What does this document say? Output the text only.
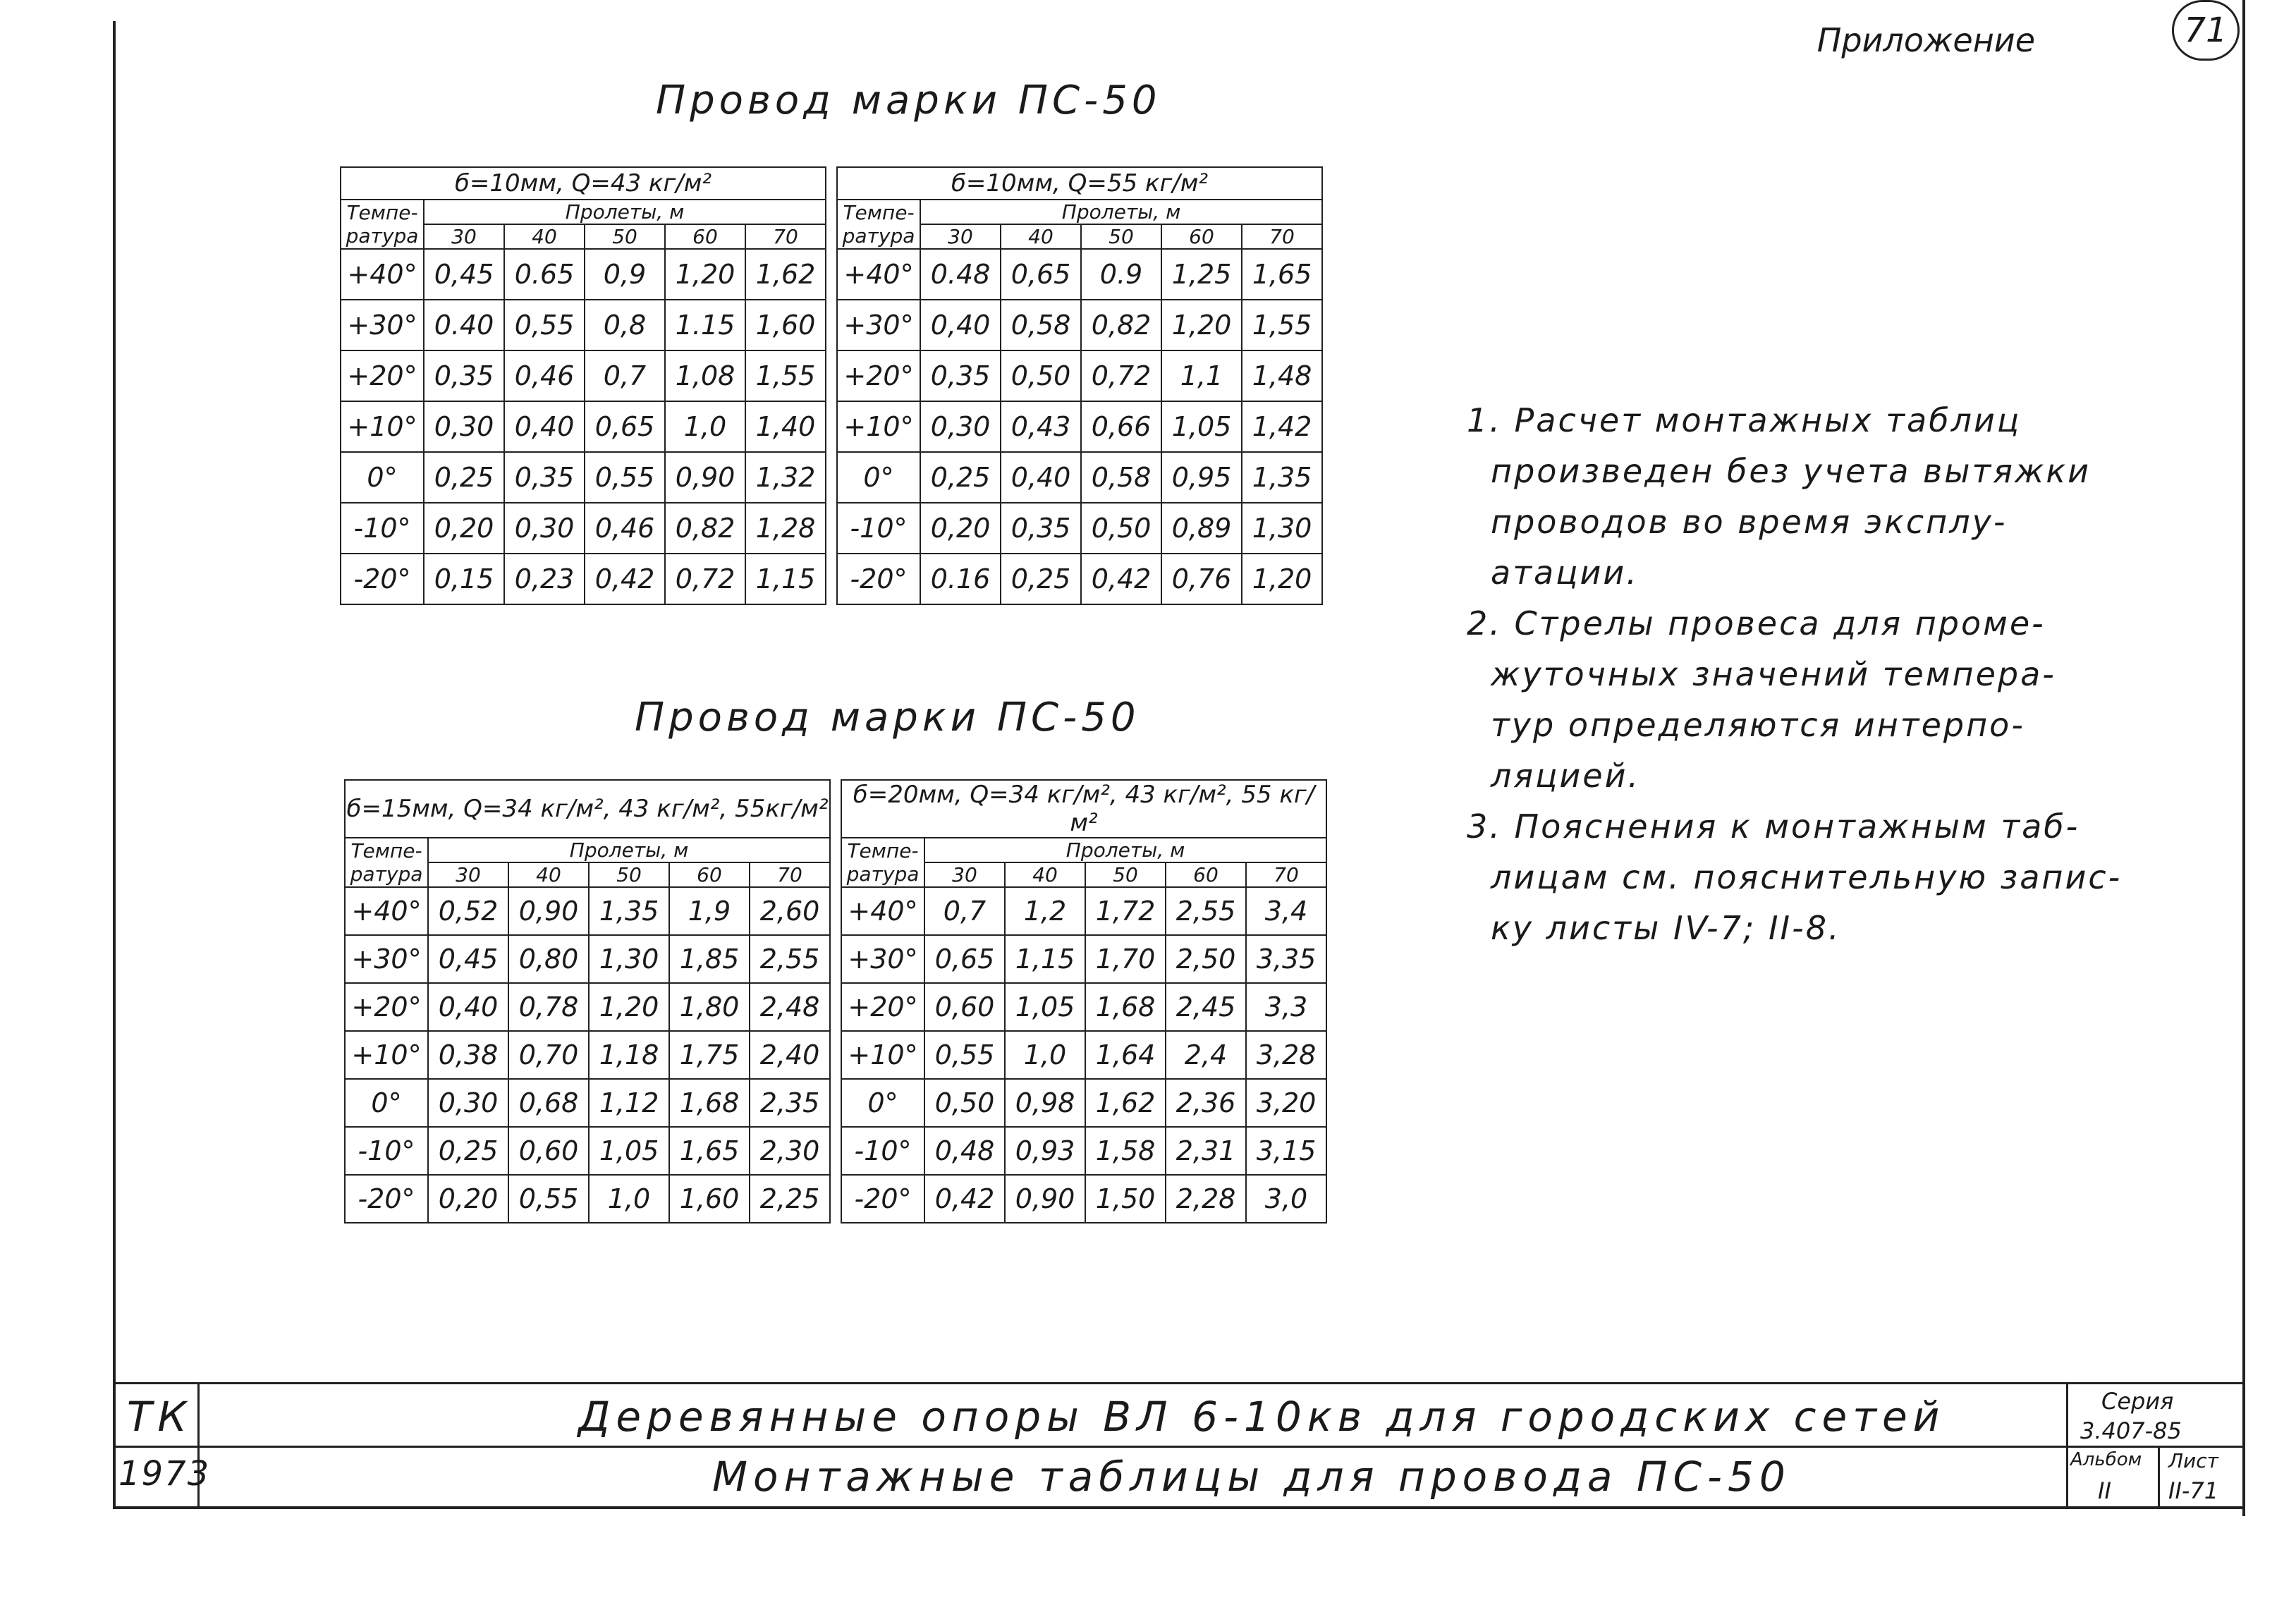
Приложение	71
Провод марки ПС-50
б=10мм, Q=43 кг/м²							б=10мм, Q=55 кг/м²					
Темпе-ратура	Пролеты, м						Темпе-ратура	Пролеты, м				
	30	40	50	60	70			30	40	50	60	70
+40°	0,45	0.65	0,9	1,20	1,62		+40°	0.48	0,65	0.9	1,25	1,65
+30°	0.40	0,55	0,8	1.15	1,60		+30°	0,40	0,58	0,82	1,20	1,55
+20°	0,35	0,46	0,7	1,08	1,55		+20°	0,35	0,50	0,72	1,1	1,48
+10°	0,30	0,40	0,65	1,0	1,40		+10°	0,30	0,43	0,66	1,05	1,42
0°	0,25	0,35	0,55	0,90	1,32		0°	0,25	0,40	0,58	0,95	1,35
-10°	0,20	0,30	0,46	0,82	1,28		-10°	0,20	0,35	0,50	0,89	1,30
-20°	0,15	0,23	0,42	0,72	1,15		-20°	0.16	0,25	0,42	0,76	1,20
Провод марки ПС-50
б=15мм, Q=34 кг/м², 43 кг/м², 55кг/м²							б=20мм, Q=34 кг/м², 43 кг/м², 55 кг/м²					
Темпе-ратура	Пролеты, м						Темпе-ратура	Пролеты, м				
	30	40	50	60	70			30	40	50	60	70
+40°	0,52	0,90	1,35	1,9	2,60		+40°	0,7	1,2	1,72	2,55	3,4
+30°	0,45	0,80	1,30	1,85	2,55		+30°	0,65	1,15	1,70	2,50	3,35
+20°	0,40	0,78	1,20	1,80	2,48		+20°	0,60	1,05	1,68	2,45	3,3
+10°	0,38	0,70	1,18	1,75	2,40		+10°	0,55	1,0	1,64	2,4	3,28
0°	0,30	0,68	1,12	1,68	2,35		0°	0,50	0,98	1,62	2,36	3,20
-10°	0,25	0,60	1,05	1,65	2,30		-10°	0,48	0,93	1,58	2,31	3,15
-20°	0,20	0,55	1,0	1,60	2,25		-20°	0,42	0,90	1,50	2,28	3,0
1. Расчет монтажных таблиц
произведен без учета вытяжки
проводов во время эксплу-
атации.
2. Стрелы провеса для проме-
жуточных значений темпера-
тур определяются интерпо-
ляцией.
3. Пояснения к монтажным таб-
лицам см. пояснительную запис-
ку листы IV-7; II-8.
ТК
1973
Деревянные опоры ВЛ 6-10кв для городских сетей
Монтажные таблицы для провода ПС-50
Серия
3.407-85
Альбом
II
Лист
II-71
